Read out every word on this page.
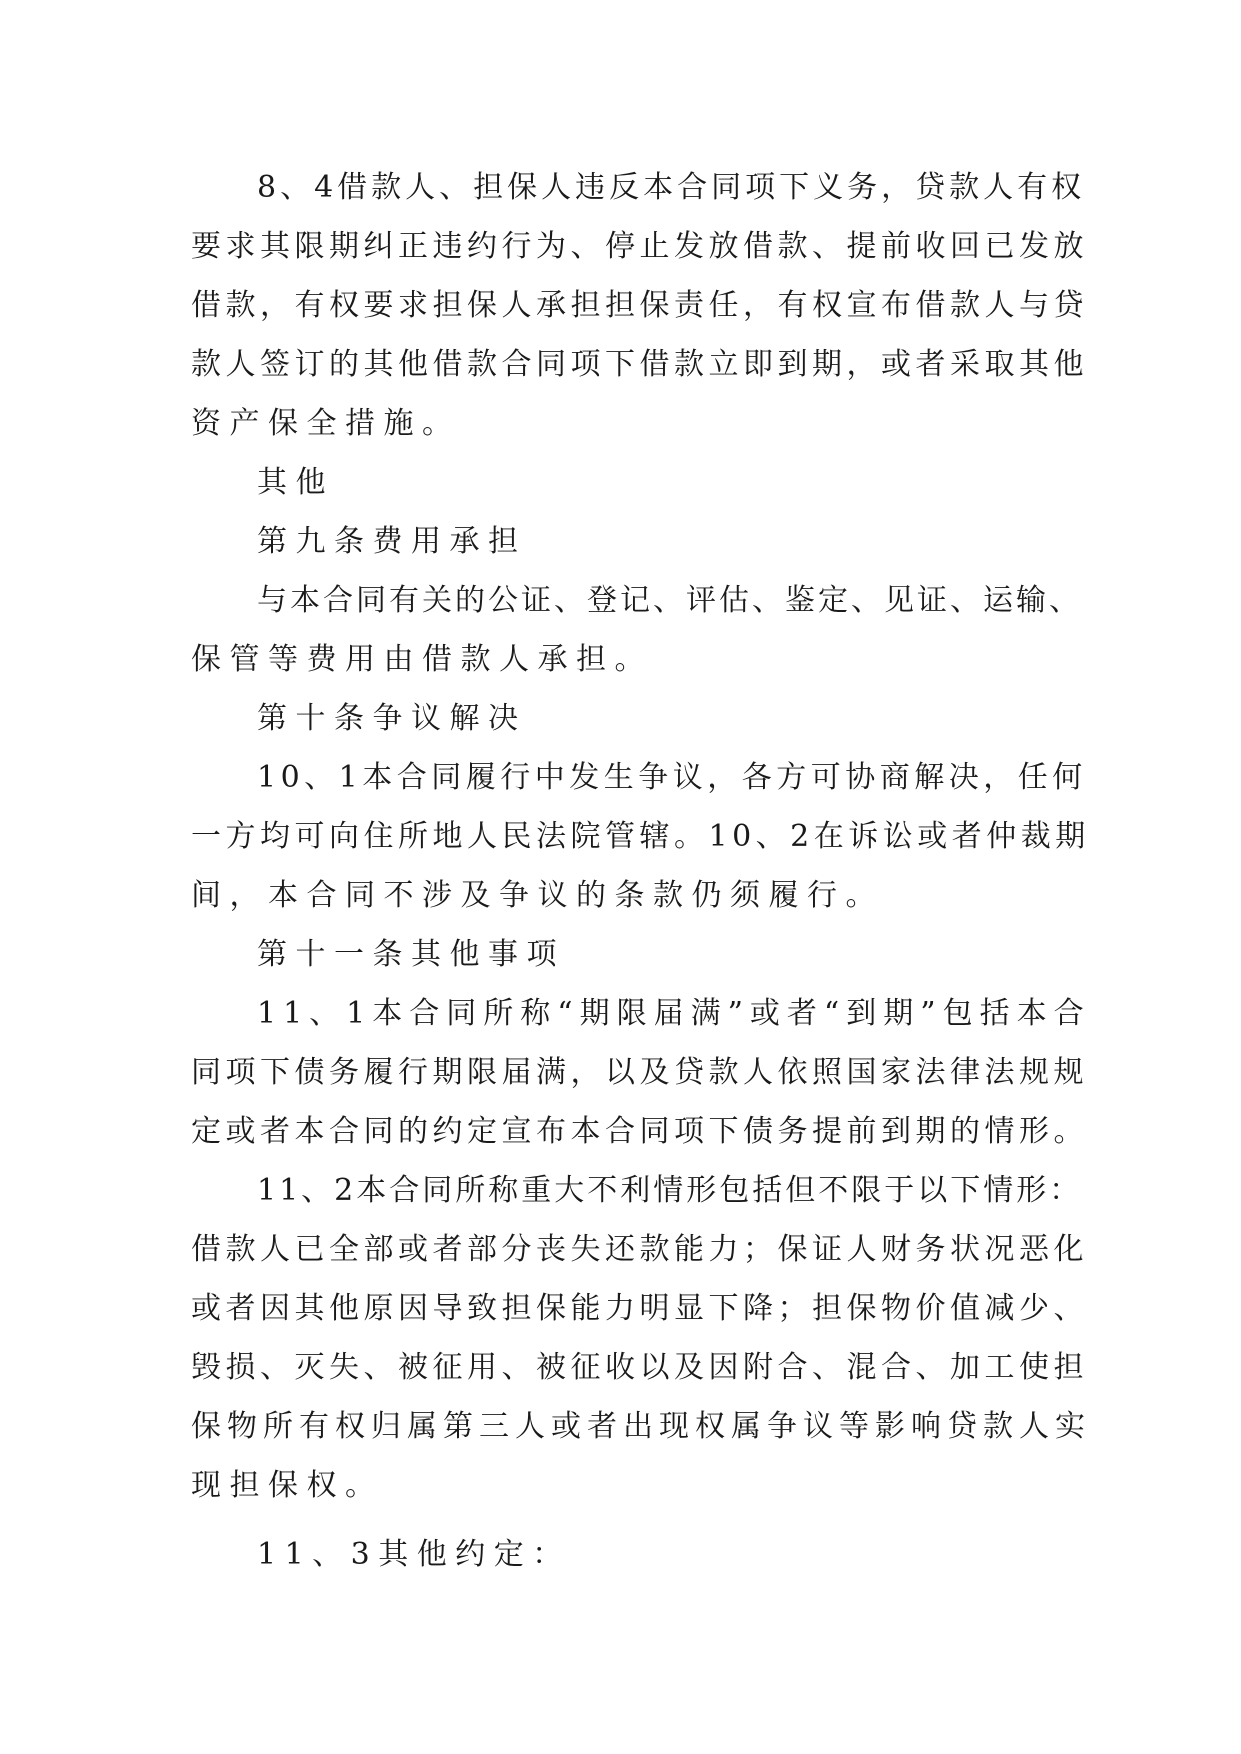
8、4借款人、担保人违反本合同项下义务，贷款人有权
要求其限期纠正违约行为、停止发放借款、提前收回已发放
借款，有权要求担保人承担担保责任，有权宣布借款人与贷
款人签订的其他借款合同项下借款立即到期，或者采取其他
资产保全措施。
其他
第九条费用承担
与本合同有关的公证、登记、评估、鉴定、见证、运输、
保管等费用由借款人承担。
第十条争议解决
10、1本合同履行中发生争议，各方可协商解决，任何
一方均可向住所地人民法院管辖。10、2在诉讼或者仲裁期
间，本合同不涉及争议的条款仍须履行。
第十一条其他事项
11、1本合同所称“期限届满”或者“到期”包括本合
同项下债务履行期限届满，以及贷款人依照国家法律法规规
定或者本合同的约定宣布本合同项下债务提前到期的情形。
11、2本合同所称重大不利情形包括但不限于以下情形：
借款人已全部或者部分丧失还款能力；保证人财务状况恶化
或者因其他原因导致担保能力明显下降；担保物价值减少、
毁损、灭失、被征用、被征收以及因附合、混合、加工使担
保物所有权归属第三人或者出现权属争议等影响贷款人实
现担保权。
11、3其他约定：
